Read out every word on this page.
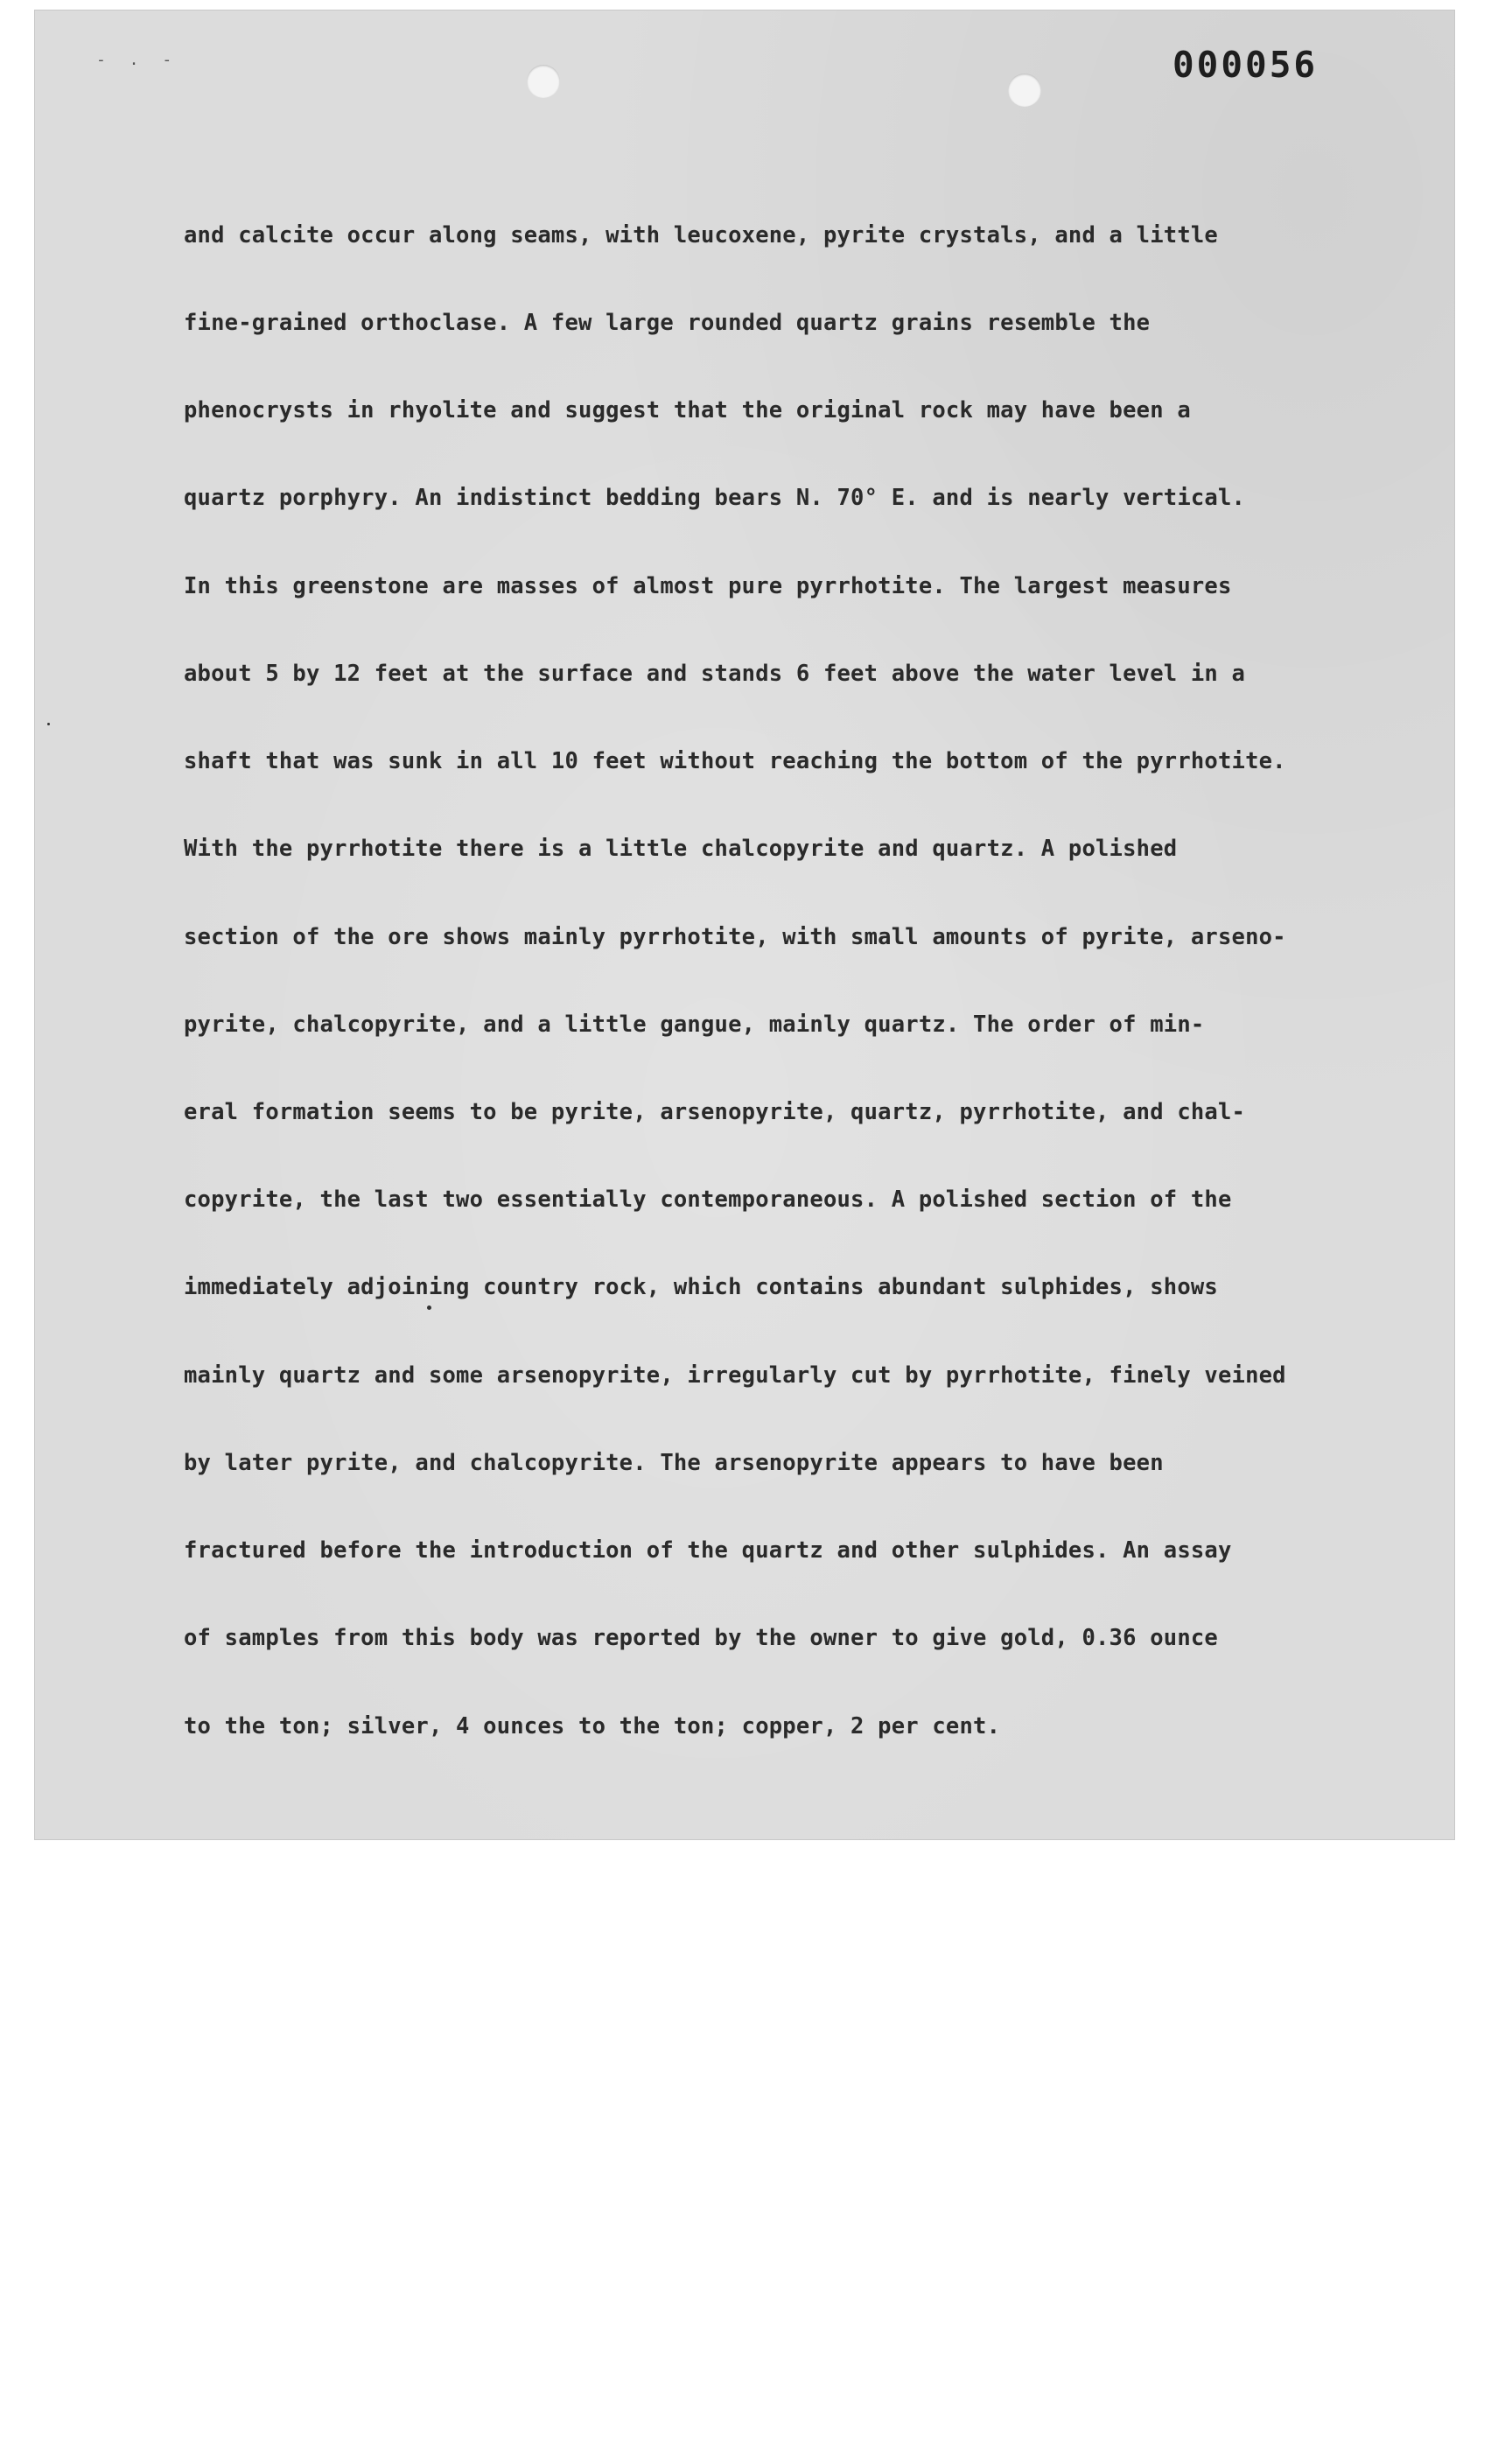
- . -	000056

and calcite occur along seams, with leucoxene, pyrite crystals, and a little

fine-grained orthoclase. A few large rounded quartz grains resemble the

phenocrysts in rhyolite and suggest that the original rock may have been a

quartz porphyry. An indistinct bedding bears N. 70° E. and is nearly vertical.

In this greenstone are masses of almost pure pyrrhotite. The largest measures

about 5 by 12 feet at the surface and stands 6 feet above the water level in a

shaft that was sunk in all 10 feet without reaching the bottom of the pyrrhotite.

With the pyrrhotite there is a little chalcopyrite and quartz. A polished

section of the ore shows mainly pyrrhotite, with small amounts of pyrite, arseno-

pyrite, chalcopyrite, and a little gangue, mainly quartz. The order of min-

eral formation seems to be pyrite, arsenopyrite, quartz, pyrrhotite, and chal-

copyrite, the last two essentially contemporaneous. A polished section of the

immediately adjoining country rock, which contains abundant sulphides, shows

mainly quartz and some arsenopyrite, irregularly cut by pyrrhotite, finely veined

by later pyrite, and chalcopyrite. The arsenopyrite appears to have been

fractured before the introduction of the quartz and other sulphides. An assay

of samples from this body was reported by the owner to give gold, 0.36 ounce

to the ton; silver, 4 ounces to the ton; copper, 2 per cent.
